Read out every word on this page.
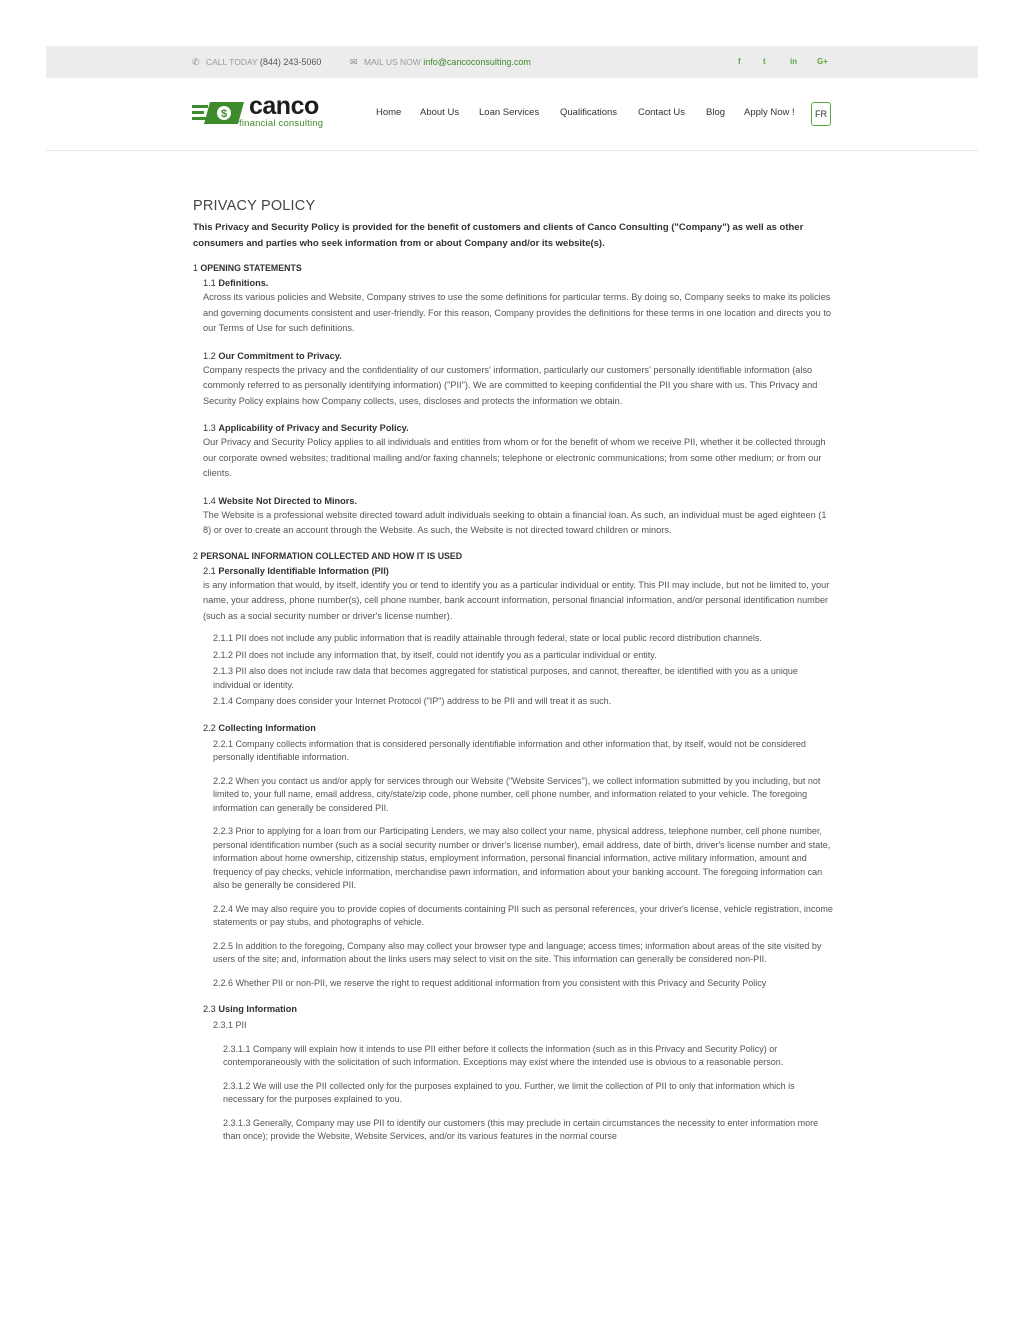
✆ CALL TODAY (844) 243-5060	✉ MAIL US NOW info@cancoconsulting.com	f	t	in G+
$ canco
financial consulting
Home About Us Loan Services Qualifications Contact Us Blog Apply Now !	FR
PRIVACY POLICY

This Privacy and Security Policy is provided for the benefit of customers and clients of Canco Consulting ("Company") as well as other consumers and parties who seek information from or about Company and/or its website(s).

1 OPENING STATEMENTS
1.1 Definitions.

Across its various policies and Website, Company strives to use the some definitions for particular terms. By doing so, Company seeks to make its policies and governing documents consistent and user-friendly. For this reason, Company provides the definitions for these terms in one location and directs you to our Terms of Use for such definitions.

1.2 Our Commitment to Privacy.

Company respects the privacy and the confidentiality of our customers' information, particularly our customers' personally identifiable information (also commonly referred to as personally identifying information) ("PII"). We are committed to keeping confidential the PII you share with us. This Privacy and Security Policy explains how Company collects, uses, discloses and protects the information we obtain.

1.3 Applicability of Privacy and Security Policy.

Our Privacy and Security Policy applies to all individuals and entities from whom or for the benefit of whom we receive PII, whether it be collected through our corporate owned websites; traditional mailing and/or faxing channels; telephone or electronic communications; from some other medium; or from our clients.

1.4 Website Not Directed to Minors.

The Website is a professional website directed toward adult individuals seeking to obtain a financial loan. As such, an individual must be aged eighteen (1 8) or over to create an account through the Website. As such, the Website is not directed toward children or minors.

2 PERSONAL INFORMATION COLLECTED AND HOW IT IS USED
2.1 Personally Identifiable Information (PII)

is any information that would, by itself, identify you or tend to identify you as a particular individual or entity. This PII may include, but not be limited to, your name, your address, phone number(s), cell phone number, bank account information, personal financial information, and/or personal identification number (such as a social security number or driver's license number).

2.1.1 PII does not include any public information that is readily attainable through federal, state or local public record distribution channels.

2.1.2 PII does not include any information that, by itself, could not identify you as a particular individual or entity.

2.1.3 PII also does not include raw data that becomes aggregated for statistical purposes, and cannot, thereafter, be identified with you as a unique individual or identity.

2.1.4 Company does consider your Internet Protocol ("IP") address to be PII and will treat it as such.

2.2 Collecting Information

2.2.1 Company collects information that is considered personally identifiable information and other information that, by itself, would not be considered personally identifiable information.

2.2.2 When you contact us and/or apply for services through our Website ("Website Services"), we collect information submitted by you including, but not limited to, your full name, email address, city/state/zip code, phone number, cell phone number, and information related to your vehicle. The foregoing information can generally be considered PII.

2.2.3 Prior to applying for a loan from our Participating Lenders, we may also collect your name, physical address, telephone number, cell phone number, personal identification number (such as a social security number or driver's license number), email address, date of birth, driver's license number and state, information about home ownership, citizenship status, employment information, personal financial information, active military information, amount and frequency of pay checks, vehicle information, merchandise pawn information, and information about your banking account. The foregoing information can also be generally be considered PII.

2.2.4 We may also require you to provide copies of documents containing PII such as personal references, your driver's license, vehicle registration, income statements or pay stubs, and photographs of vehicle.

2.2.5 In addition to the foregoing, Company also may collect your browser type and language; access times; information about areas of the site visited by users of the site; and, information about the links users may select to visit on the site. This information can generally be considered non-PII.

2.2.6 Whether PII or non-PII, we reserve the right to request additional information from you consistent with this Privacy and Security Policy

2.3 Using Information

2.3.1 PII

2.3.1.1 Company will explain how it intends to use PII either before it collects the information (such as in this Privacy and Security Policy) or contemporaneously with the solicitation of such information. Exceptions may exist where the intended use is obvious to a reasonable person.

2.3.1.2 We will use the PII collected only for the purposes explained to you. Further, we limit the collection of PII to only that information which is necessary for the purposes explained to you.

2.3.1.3 Generally, Company may use PII to identify our customers (this may preclude in certain circumstances the necessity to enter information more than once); provide the Website, Website Services, and/or its various features in the normal course
